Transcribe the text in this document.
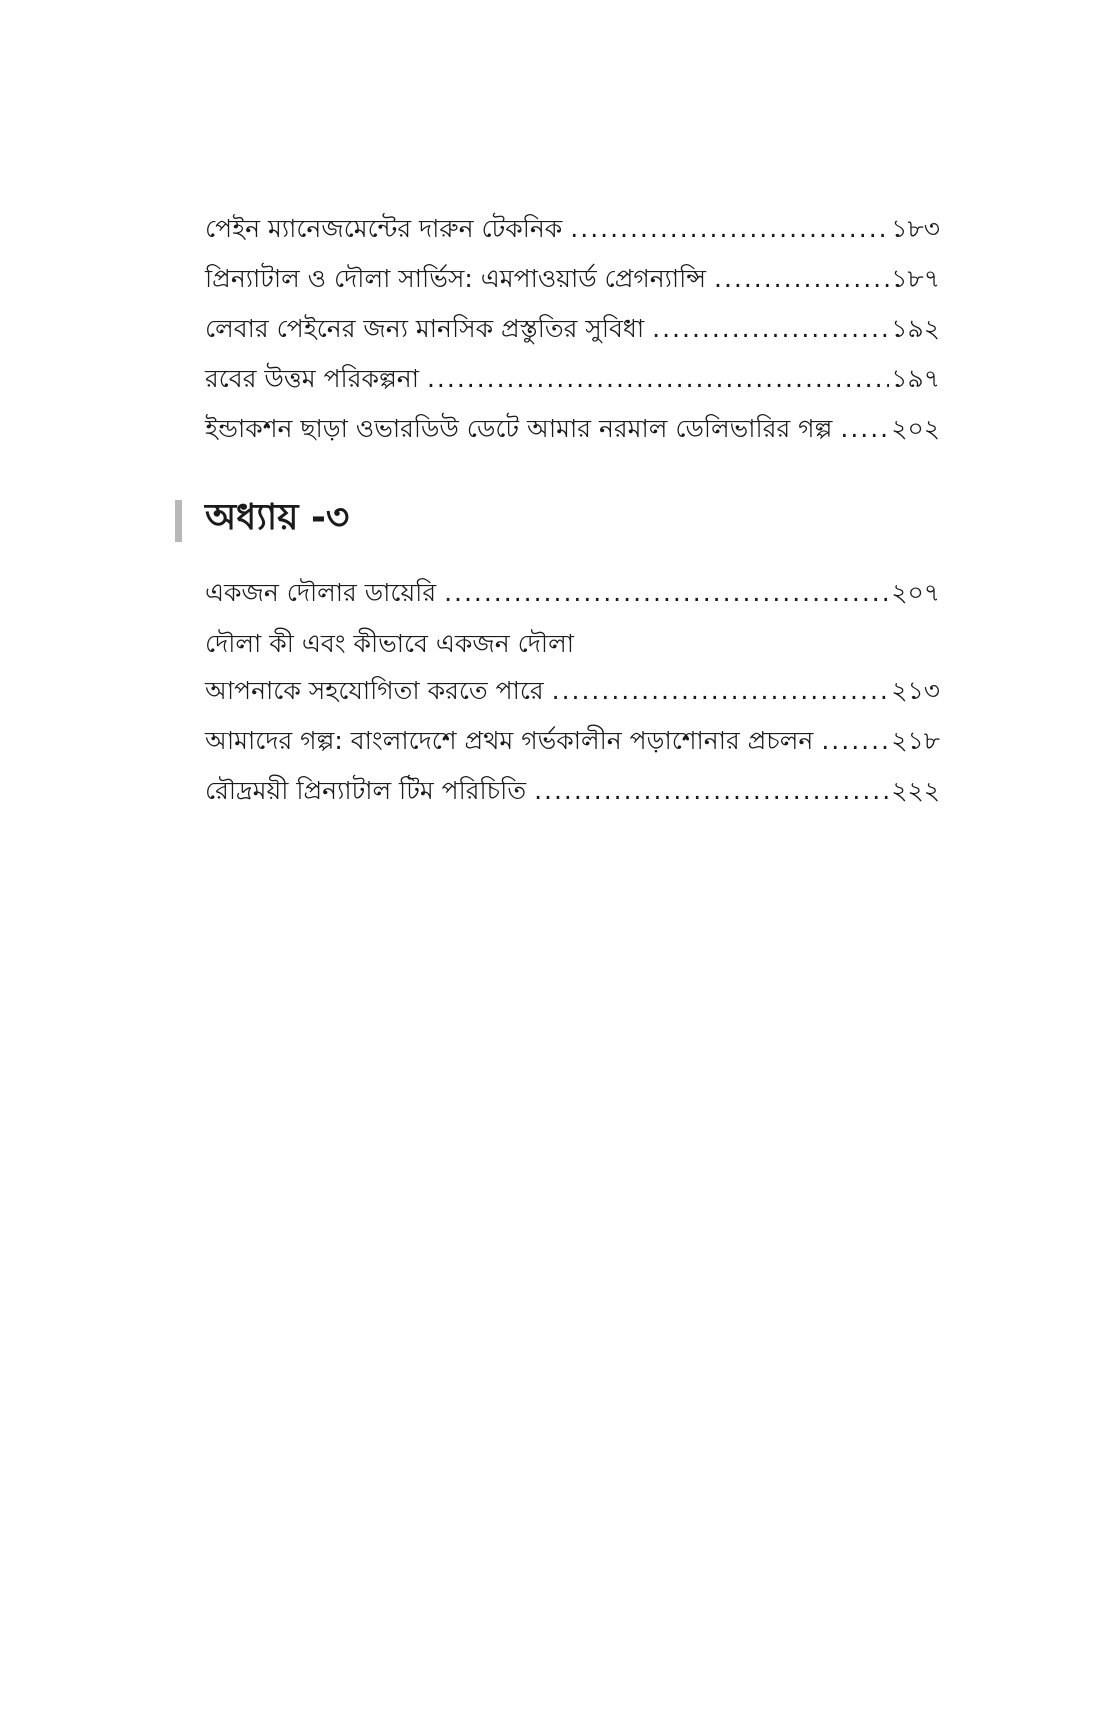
পেইন ম্যানেজমেন্টের দারুন টেকনিক .....	১৮৩
প্রিন্যাটাল ও দৌলা সার্ভিস: এমপাওয়ার্ড প্রেগন্যান্সি .....	১৮৭
লেবার পেইনের জন্য মানসিক প্রস্তুতির সুবিধা .....	১৯২
রবের উত্তম পরিকল্পনা .....	১৯৭
ইন্ডাকশন ছাড়া ওভারডিউ ডেটে আমার নরমাল ডেলিভারির গল্প .....	২০২
অধ্যায় -৩
একজন দৌলার ডায়েরি .....	২০৭
দৌলা কী এবং কীভাবে একজন দৌলা
আপনাকে সহযোগিতা করতে পারে .....	২১৩
আমাদের গল্প: বাংলাদেশে প্রথম গর্ভকালীন পড়াশোনার প্রচলন .....	২১৮
রৌদ্রময়ী প্রিন্যাটাল টিম পরিচিতি .....	২২২
